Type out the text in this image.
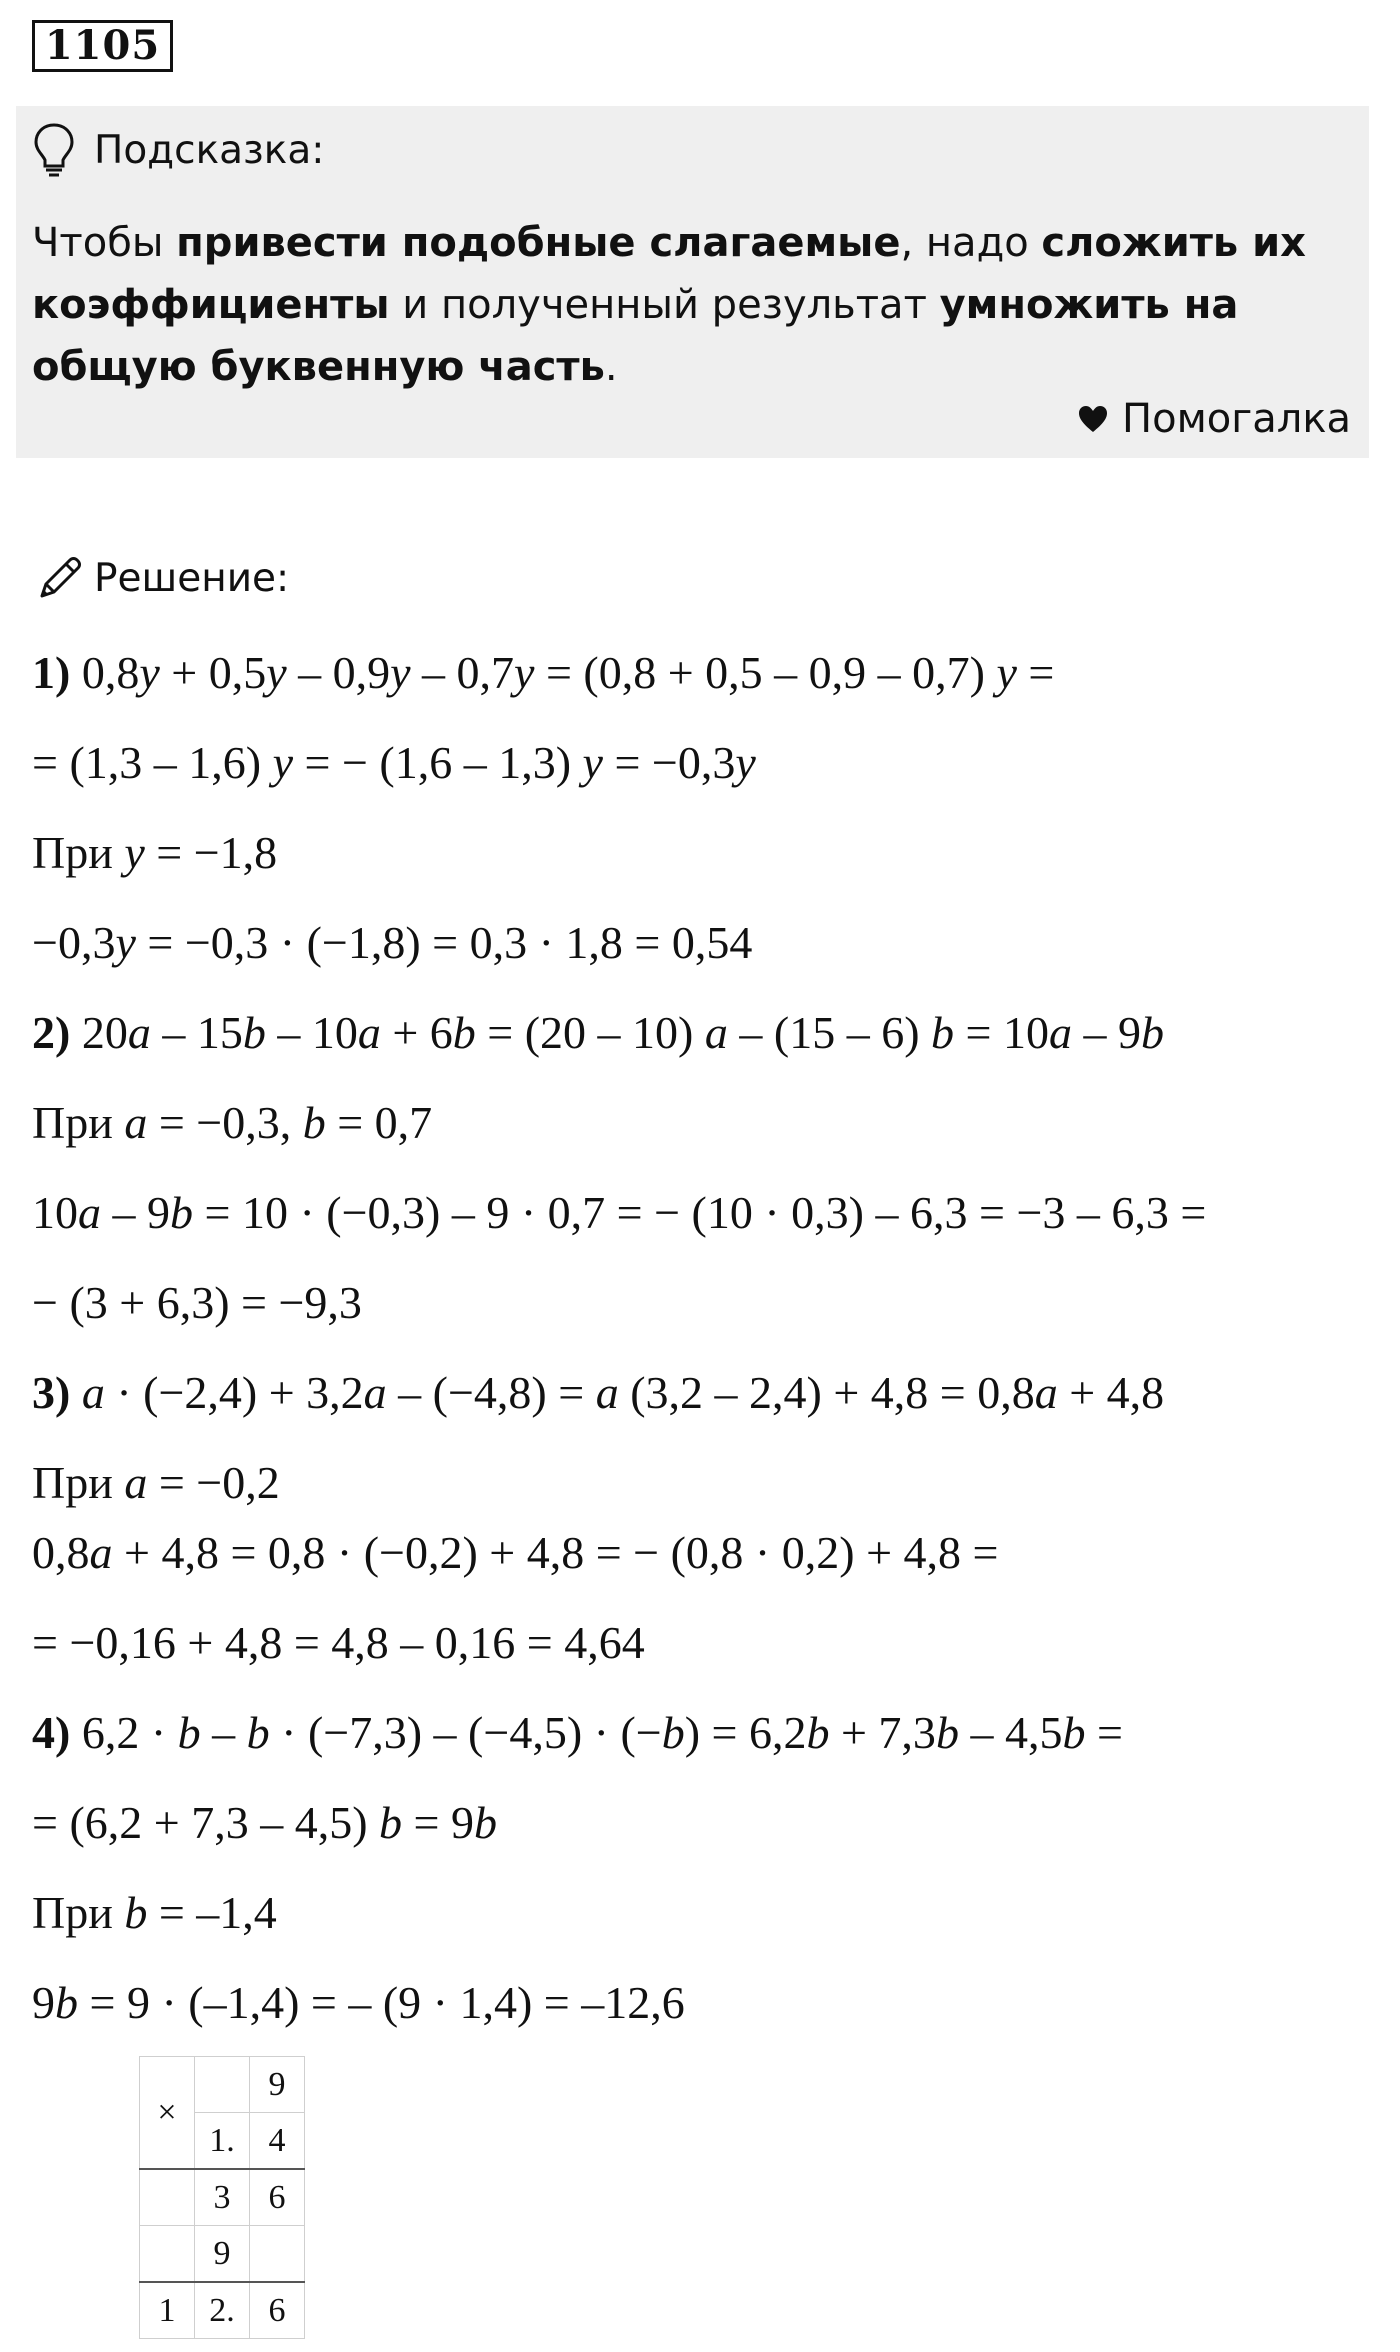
1105
Подсказка:
Чтобы привести подобные слагаемые, надо сложить их коэффициенты и полученный результат умножить на общую буквенную часть.
Помогалка
Решение:
1) 0,8y + 0,5y – 0,9y – 0,7y = (0,8 + 0,5 – 0,9 – 0,7) y =
= (1,3 – 1,6) y = − (1,6 – 1,3) y = −0,3y
При y = −1,8
−0,3y = −0,3 · (−1,8) = 0,3 · 1,8 = 0,54
2) 20a – 15b – 10a + 6b = (20 – 10) a – (15 – 6) b = 10a – 9b
При a = −0,3, b = 0,7
10a – 9b = 10 · (−0,3) – 9 · 0,7 = − (10 · 0,3) – 6,3 = −3 – 6,3 =
− (3 + 6,3) = −9,3
3) a · (−2,4) + 3,2a – (−4,8) = a (3,2 – 2,4) + 4,8 = 0,8a + 4,8
При a = −0,2
0,8a + 4,8 = 0,8 · (−0,2) + 4,8 = − (0,8 · 0,2) + 4,8 =
= −0,16 + 4,8 = 4,8 – 0,16 = 4,64
4) 6,2 · b – b · (−7,3) – (−4,5) · (−b) = 6,2b + 7,3b – 4,5b =
= (6,2 + 7,3 – 4,5) b = 9b
При b = –1,4
9b = 9 · (–1,4) = – (9 · 1,4) = –12,6
×		9
	1.	4
	3	6
	9	
1	2.	6
